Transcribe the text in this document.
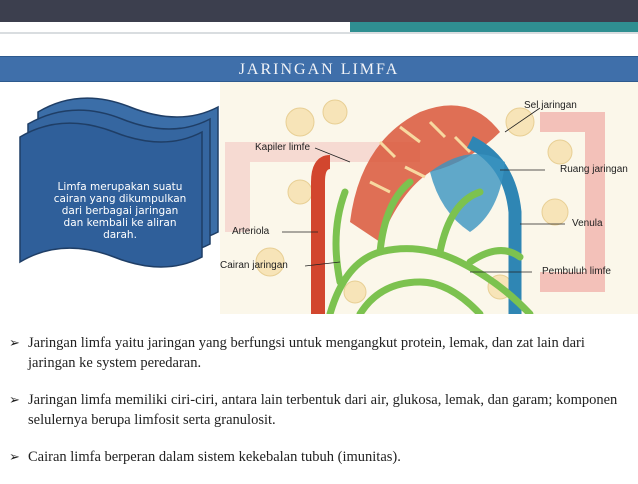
JARINGAN LIMFA
Limfa merupakan suatu
cairan yang dikumpulkan
dari berbagai jaringan
dan kembali ke aliran
darah.
Sel jaringan
Kapiler limfe
Ruang jaringan
Venula
Arteriola
Cairan jaringan
Pembuluh limfe
➢ Jaringan limfa yaitu jaringan yang berfungsi untuk mengangkut protein, lemak, dan zat lain dari jaringan ke system peredaran.
➢ Jaringan limfa memiliki ciri-ciri, antara lain terbentuk dari air, glukosa, lemak, dan garam; komponen selulernya berupa limfosit serta granulosit.
➢ Cairan limfa berperan dalam sistem kekebalan tubuh (imunitas).
